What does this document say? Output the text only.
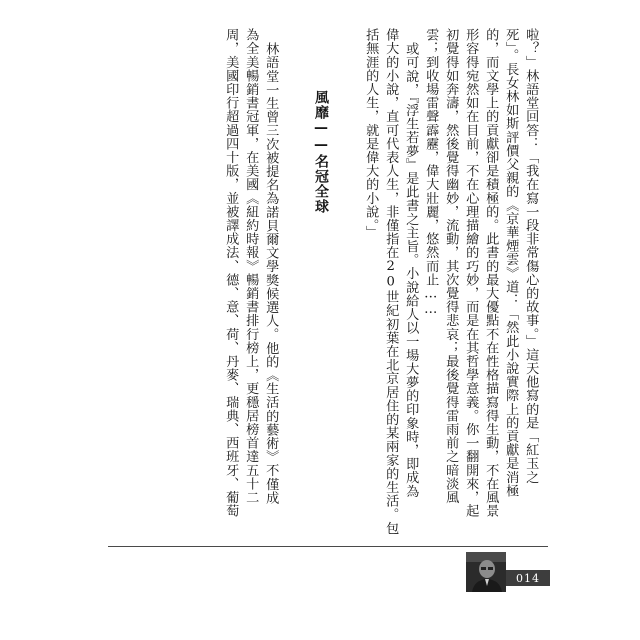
啦？」林語堂回答：「我在寫一段非常傷心的故事。」這天他寫的是「紅玉之
死」。長女林如斯評價父親的《京華煙雲》道：「然此小說實際上的貢獻是消極
的，而文學上的貢獻卻是積極的。此書的最大優點不在性格描寫得生動，不在風景
形容得宛然如在目前，不在心理描繪的巧妙，而是在其哲學意義。你一翻開來，起
初覺得如奔濤，然後覺得幽妙，流動，其次覺得悲哀；最後覺得雷雨前之暗淡風
雲；到收場雷聲霹靂，偉大壯麗，悠然而止……
或可說，『浮生若夢』是此書之主旨。小說給人以一場大夢的印象時，即成為
偉大的小說，直可代表人生，非僅指在20世紀初葉在北京居住的某兩家的生活。包
括無涯的人生，就是偉大的小說。」
風靡——名冠全球
林語堂一生曾三次被提名為諾貝爾文學獎候選人。他的《生活的藝術》不僅成
為全美暢銷書冠軍，在美國《紐約時報》暢銷書排行榜上，更穩居榜首達五十二
周，美國印行超過四十版，並被譯成法、德、意、荷、丹麥、瑞典、西班牙、葡萄
014
